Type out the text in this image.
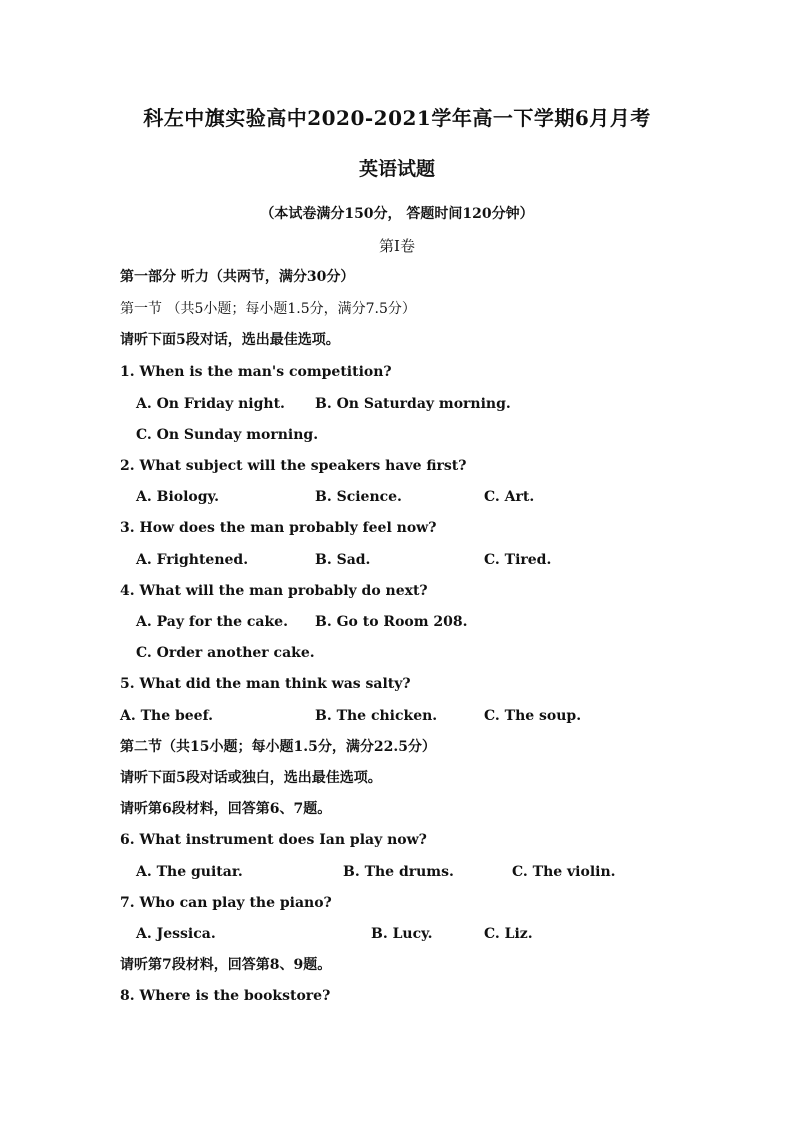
科左中旗实验高中2020-2021学年高一下学期6月月考
英语试题
（本试卷满分150分， 答题时间120分钟）
第Ⅰ卷
第一部分 听力（共两节，满分30分）
第一节 （共5小题；每小题1.5分，满分7.5分）
请听下面5段对话，选出最佳选项。
1. When is the man's competition?
A. On Friday night. B. On Saturday morning.
C. On Sunday morning.
2. What subject will the speakers have first?
A. Biology.	B. Science.	C. Art.
3. How does the man probably feel now?
A. Frightened.	B. Sad.	C. Tired.
4. What will the man probably do next?
A. Pay for the cake. B. Go to Room 208.
C. Order another cake.
5. What did the man think was salty?
A. The beef.	B. The chicken.	C. The soup.
第二节（共15小题；每小题1.5分，满分22.5分）
请听下面5段对话或独白，选出最佳选项。
请听第6段材料，回答第6、7题。
6. What instrument does Ian play now?
A. The guitar.	B. The drums.	C. The violin.
7. Who can play the piano?
A. Jessica.	B. Lucy.	C. Liz.
请听第7段材料，回答第8、9题。
8. Where is the bookstore?
